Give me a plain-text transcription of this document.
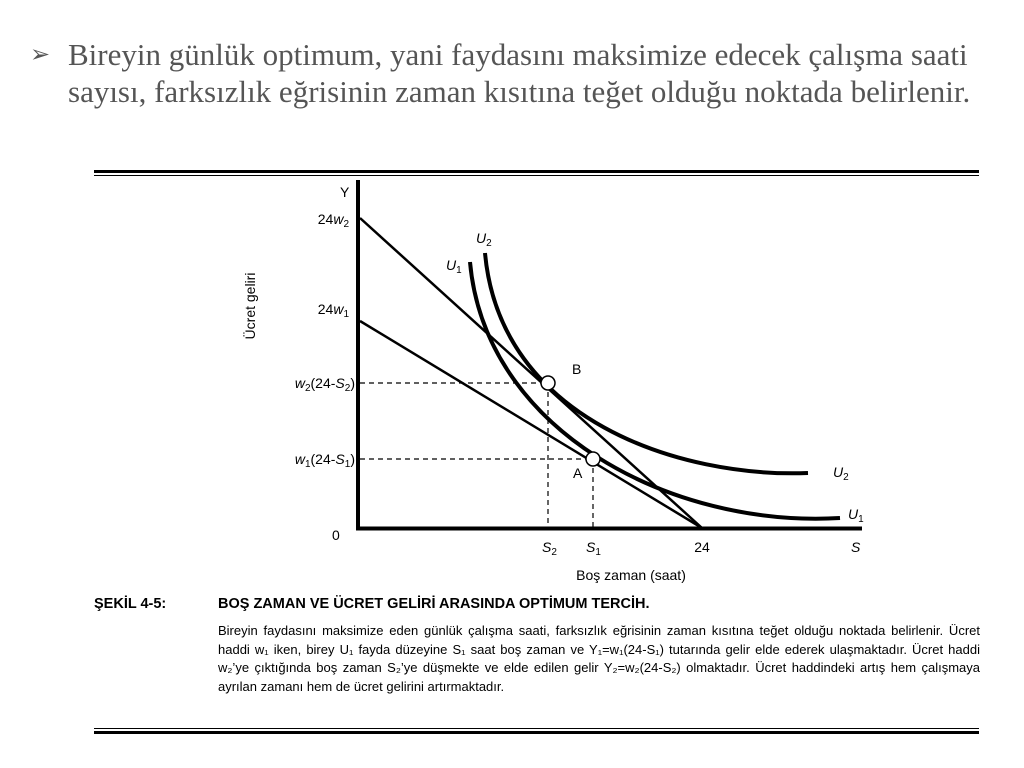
➢ Bireyin günlük optimum, yani faydasını maksimize edecek çalışma saati sayısı, farksızlık eğrisinin zaman kısıtına teğet olduğu noktada belirlenir.
Y
Ücret geliri
0
S
24
Boş zaman (saat)
$24w_2$
$24w_1$
$w_2(24-S_2)$
$w_1(24-S_1)$
$S_2$ $S_1$
$U_1$
$U_2$
$U_2$
$U_1$
B
A
ŞEKİL 4-5:	BOŞ ZAMAN VE ÜCRET GELİRİ ARASINDA OPTİMUM TERCİH.
Bireyin faydasını maksimize eden günlük çalışma saati, farksızlık eğrisinin zaman kısıtına teğet olduğu noktada belirlenir. Ücret haddi w₁ iken, birey U₁ fayda düzeyine S₁ saat boş zaman ve Y₁=w₁(24-S₁) tutarında gelir elde ederek ulaşmaktadır. Ücret haddi w₂’ye çıktığında boş zaman S₂’ye düşmekte ve elde edilen gelir Y₂=w₂(24-S₂) olmaktadır. Ücret haddindeki artış hem çalışmaya ayrılan zamanı hem de ücret gelirini artırmaktadır.
